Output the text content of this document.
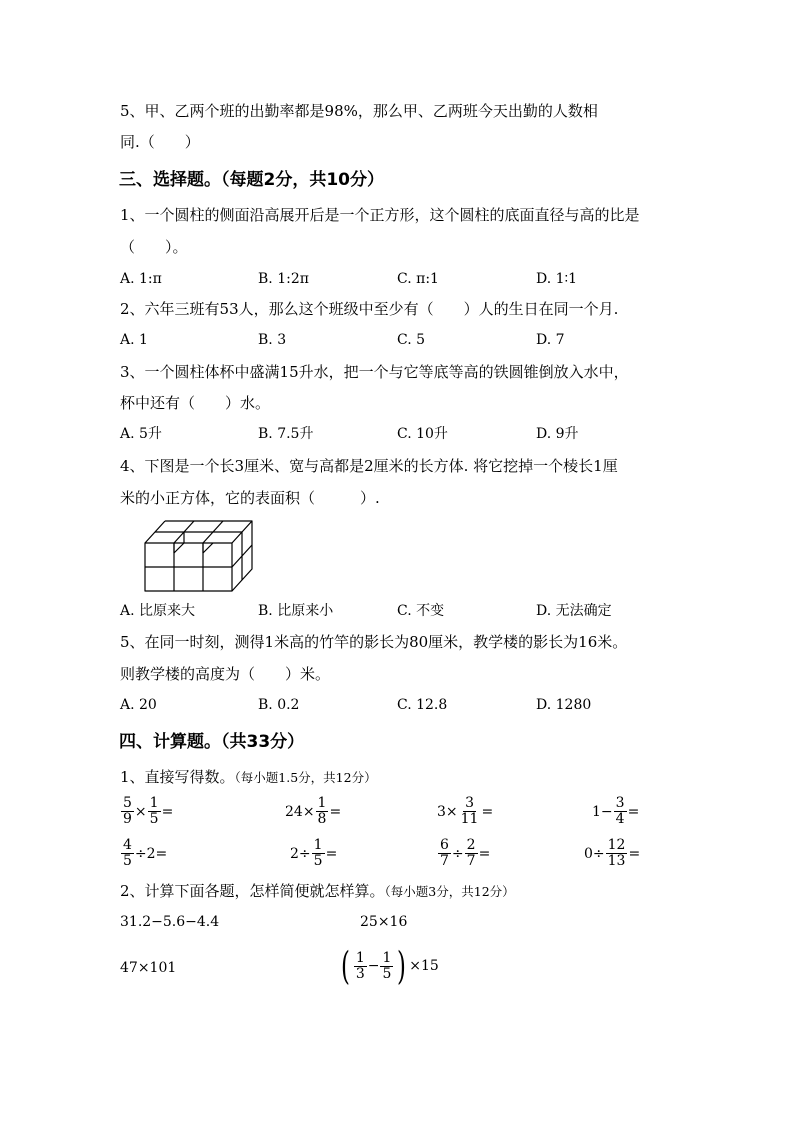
5、甲、乙两个班的出勤率都是98%，那么甲、乙两班今天出勤的人数相
同.（　　）
三、选择题。（每题2分，共10分）
1、一个圆柱的侧面沿高展开后是一个正方形，这个圆柱的底面直径与高的比是
（　　）。
A. 1:π	B. 1:2π	C. π:1	D. 1∶1
2、六年三班有53人，那么这个班级中至少有（　　）人的生日在同一个月.
A. 1	B. 3	C. 5	D. 7
3、一个圆柱体杯中盛满15升水，把一个与它等底等高的铁圆锥倒放入水中，
杯中还有（　　）水。
A. 5升	B. 7.5升	C. 10升	D. 9升
4、下图是一个长3厘米、宽与高都是2厘米的长方体. 将它挖掉一个棱长1厘
米的小正方体，它的表面积（　　　）.
A. 比原来大	B. 比原来小	C. 不变	D. 无法确定
5、在同一时刻，测得1米高的竹竿的影长为80厘米，教学楼的影长为16米。
则教学楼的高度为（　　）米。
A. 20	B. 0.2	C. 12.8	D. 1280
四、计算题。（共33分）
1、直接写得数。（每小题1.5分，共12分）
$\frac{5}{9} \times \frac{1}{5}$ =	$24\times \frac{1}{8}$ =	$3\times \frac{3}{11}$ =	$1- \frac{3}{4}$ =
$\frac{4}{5} \div 2=$	$2\div \frac{1}{5}$ =	$\frac{6}{7} \div \frac{2}{7}$ =	$0\div \frac{12}{13}$ =
2、计算下面各题，怎样简便就怎样算。（每小题3分，共12分）
31.2−5.6−4.4	25×16
47×101	( $\frac{1}{3} - \frac{1}{5}$ ) ×15
